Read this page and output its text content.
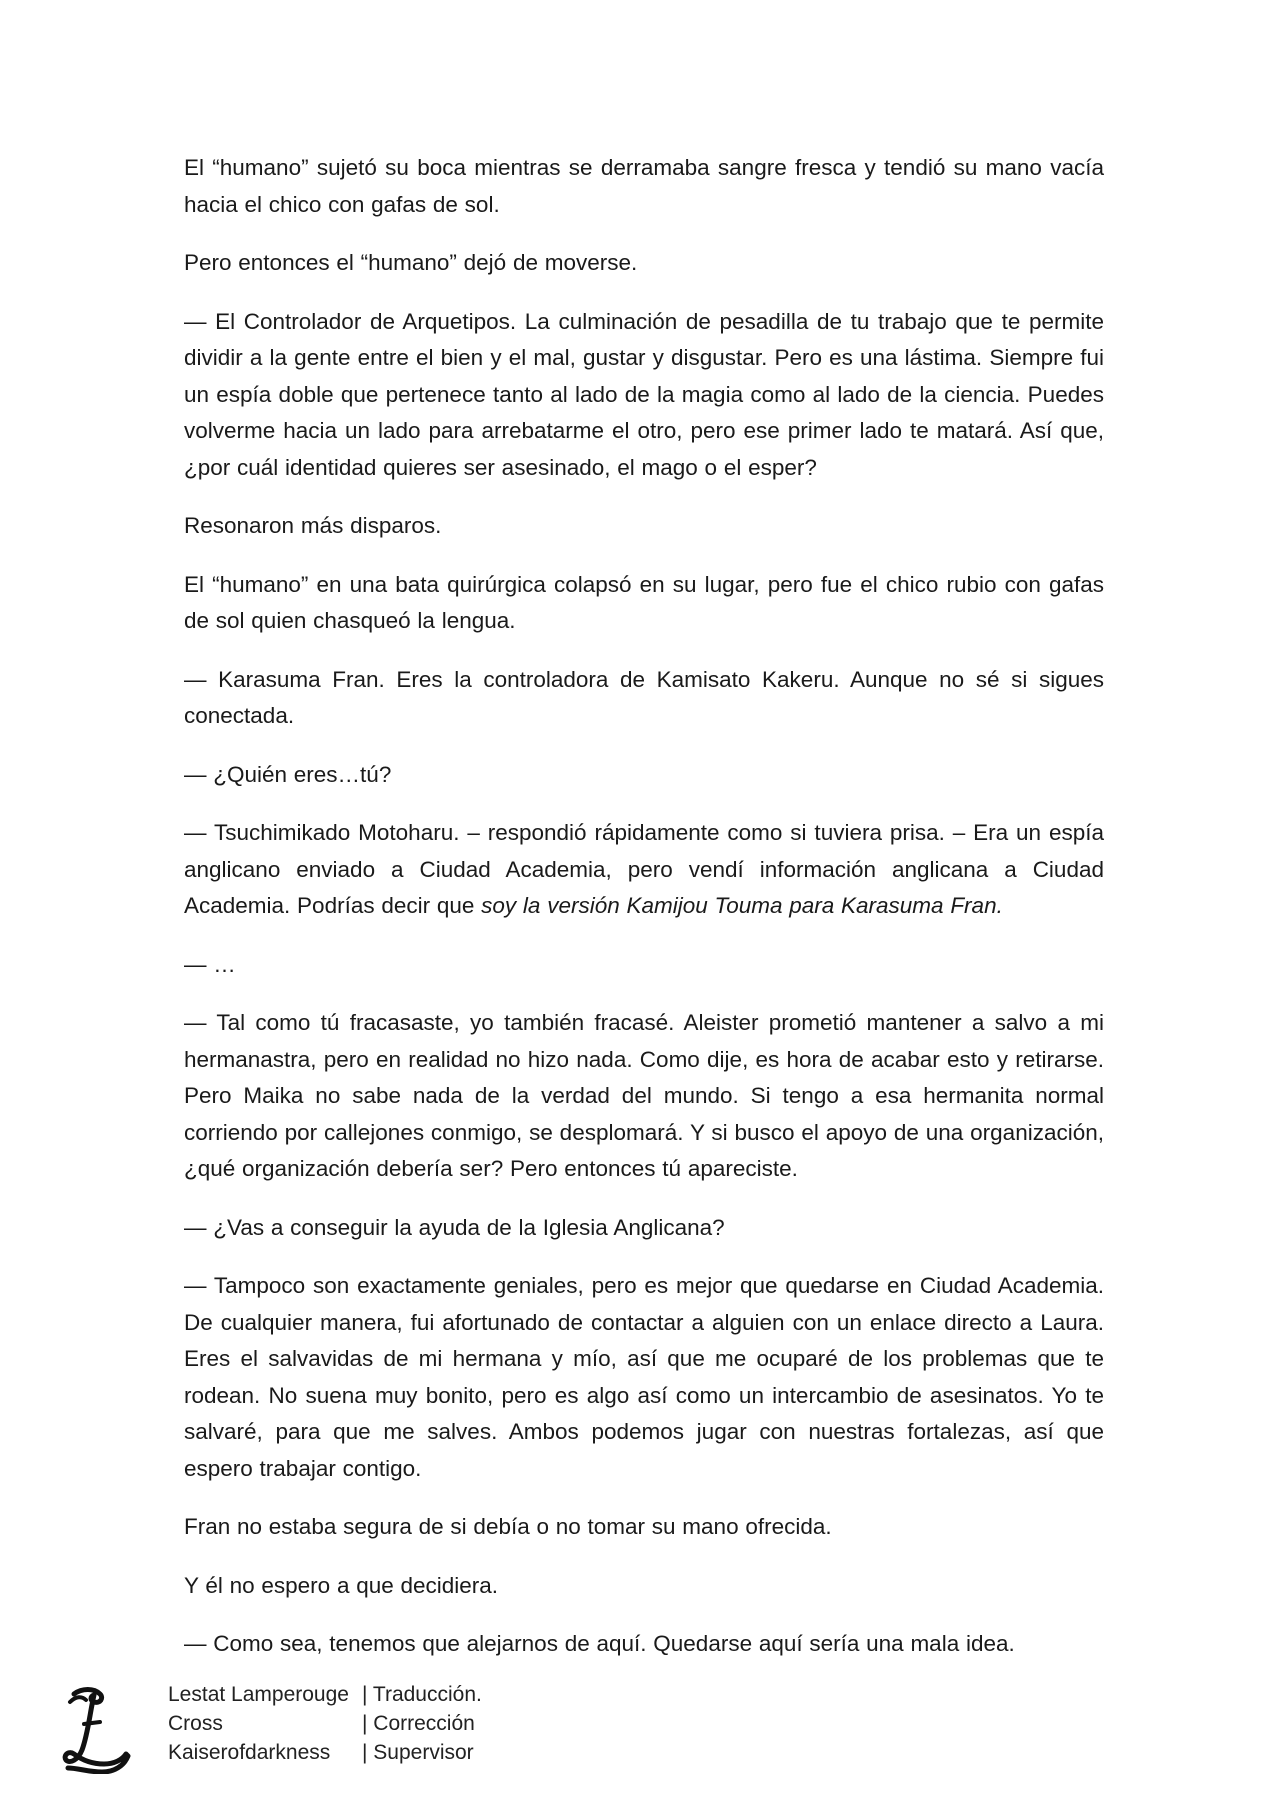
El “humano” sujetó su boca mientras se derramaba sangre fresca y tendió su mano vacía hacia el chico con gafas de sol.

Pero entonces el “humano” dejó de moverse.

— El Controlador de Arquetipos. La culminación de pesadilla de tu trabajo que te permite dividir a la gente entre el bien y el mal, gustar y disgustar. Pero es una lástima. Siempre fui un espía doble que pertenece tanto al lado de la magia como al lado de la ciencia. Puedes volverme hacia un lado para arrebatarme el otro, pero ese primer lado te matará. Así que, ¿por cuál identidad quieres ser asesinado, el mago o el esper?

Resonaron más disparos.

El “humano” en una bata quirúrgica colapsó en su lugar, pero fue el chico rubio con gafas de sol quien chasqueó la lengua.

— Karasuma Fran. Eres la controladora de Kamisato Kakeru. Aunque no sé si sigues conectada.

— ¿Quién eres…tú?

— Tsuchimikado Motoharu. – respondió rápidamente como si tuviera prisa. – Era un espía anglicano enviado a Ciudad Academia, pero vendí información anglicana a Ciudad Academia. Podrías decir que soy la versión Kamijou Touma para Karasuma Fran.

— …

— Tal como tú fracasaste, yo también fracasé. Aleister prometió mantener a salvo a mi hermanastra, pero en realidad no hizo nada. Como dije, es hora de acabar esto y retirarse. Pero Maika no sabe nada de la verdad del mundo. Si tengo a esa hermanita normal corriendo por callejones conmigo, se desplomará. Y si busco el apoyo de una organización, ¿qué organización debería ser? Pero entonces tú apareciste.

— ¿Vas a conseguir la ayuda de la Iglesia Anglicana?

— Tampoco son exactamente geniales, pero es mejor que quedarse en Ciudad Academia. De cualquier manera, fui afortunado de contactar a alguien con un enlace directo a Laura. Eres el salvavidas de mi hermana y mío, así que me ocuparé de los problemas que te rodean. No suena muy bonito, pero es algo así como un intercambio de asesinatos. Yo te salvaré, para que me salves. Ambos podemos jugar con nuestras fortalezas, así que espero trabajar contigo.

Fran no estaba segura de si debía o no tomar su mano ofrecida.

Y él no espero a que decidiera.

— Como sea, tenemos que alejarnos de aquí. Quedarse aquí sería una mala idea.

Lestat Lamperouge | Traducción.
Cross	| Corrección
Kaiserofdarkness	| Supervisor
